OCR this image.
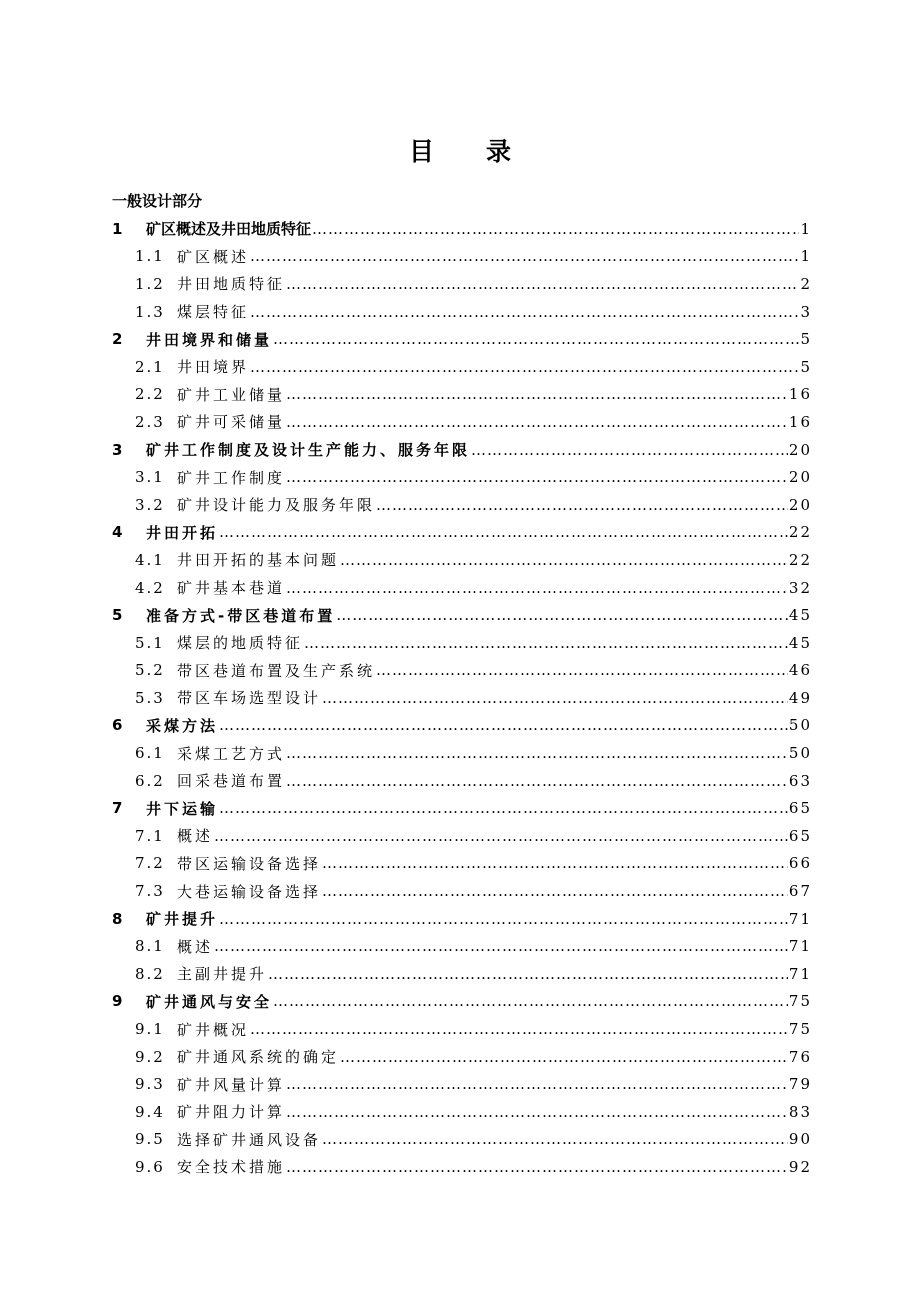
目 录
一般设计部分
1	矿区概述及井田地质特征 …………………………………………………………………………………………………………………………………………………………………………	1
1.1 矿区概述 …………………………………………………………………………………………………………………………………………………………………………	1
1.2 井田地质特征 …………………………………………………………………………………………………………………………………………………………………………	2
1.3 煤层特征 …………………………………………………………………………………………………………………………………………………………………………	3
2	井田境界和储量 …………………………………………………………………………………………………………………………………………………………………………	5
2.1 井田境界 …………………………………………………………………………………………………………………………………………………………………………	5
2.2 矿井工业储量 …………………………………………………………………………………………………………………………………………………………………………	16
2.3 矿井可采储量 …………………………………………………………………………………………………………………………………………………………………………	16
3	矿井工作制度及设计生产能力、服务年限 …………………………………………………………………………………………………………………………………………………………………………	20
3.1 矿井工作制度 …………………………………………………………………………………………………………………………………………………………………………	20
3.2 矿井设计能力及服务年限 …………………………………………………………………………………………………………………………………………………………………………	20
4	井田开拓 …………………………………………………………………………………………………………………………………………………………………………	22
4.1 井田开拓的基本问题 …………………………………………………………………………………………………………………………………………………………………………	22
4.2 矿井基本巷道 …………………………………………………………………………………………………………………………………………………………………………	32
5	准备方式-带区巷道布置 …………………………………………………………………………………………………………………………………………………………………………	45
5.1 煤层的地质特征 …………………………………………………………………………………………………………………………………………………………………………	45
5.2 带区巷道布置及生产系统 …………………………………………………………………………………………………………………………………………………………………………	46
5.3 带区车场选型设计 …………………………………………………………………………………………………………………………………………………………………………	49
6	采煤方法 …………………………………………………………………………………………………………………………………………………………………………	50
6.1 采煤工艺方式 …………………………………………………………………………………………………………………………………………………………………………	50
6.2 回采巷道布置 …………………………………………………………………………………………………………………………………………………………………………	63
7	井下运输 …………………………………………………………………………………………………………………………………………………………………………	65
7.1 概述 …………………………………………………………………………………………………………………………………………………………………………	65
7.2 带区运输设备选择 …………………………………………………………………………………………………………………………………………………………………………	66
7.3 大巷运输设备选择 …………………………………………………………………………………………………………………………………………………………………………	67
8	矿井提升 …………………………………………………………………………………………………………………………………………………………………………	71
8.1 概述 …………………………………………………………………………………………………………………………………………………………………………	71
8.2 主副井提升 …………………………………………………………………………………………………………………………………………………………………………	71
9	矿井通风与安全 …………………………………………………………………………………………………………………………………………………………………………	75
9.1 矿井概况 …………………………………………………………………………………………………………………………………………………………………………	75
9.2 矿井通风系统的确定 …………………………………………………………………………………………………………………………………………………………………………	76
9.3 矿井风量计算 …………………………………………………………………………………………………………………………………………………………………………	79
9.4 矿井阻力计算 …………………………………………………………………………………………………………………………………………………………………………	83
9.5 选择矿井通风设备 …………………………………………………………………………………………………………………………………………………………………………	90
9.6 安全技术措施 …………………………………………………………………………………………………………………………………………………………………………	92
